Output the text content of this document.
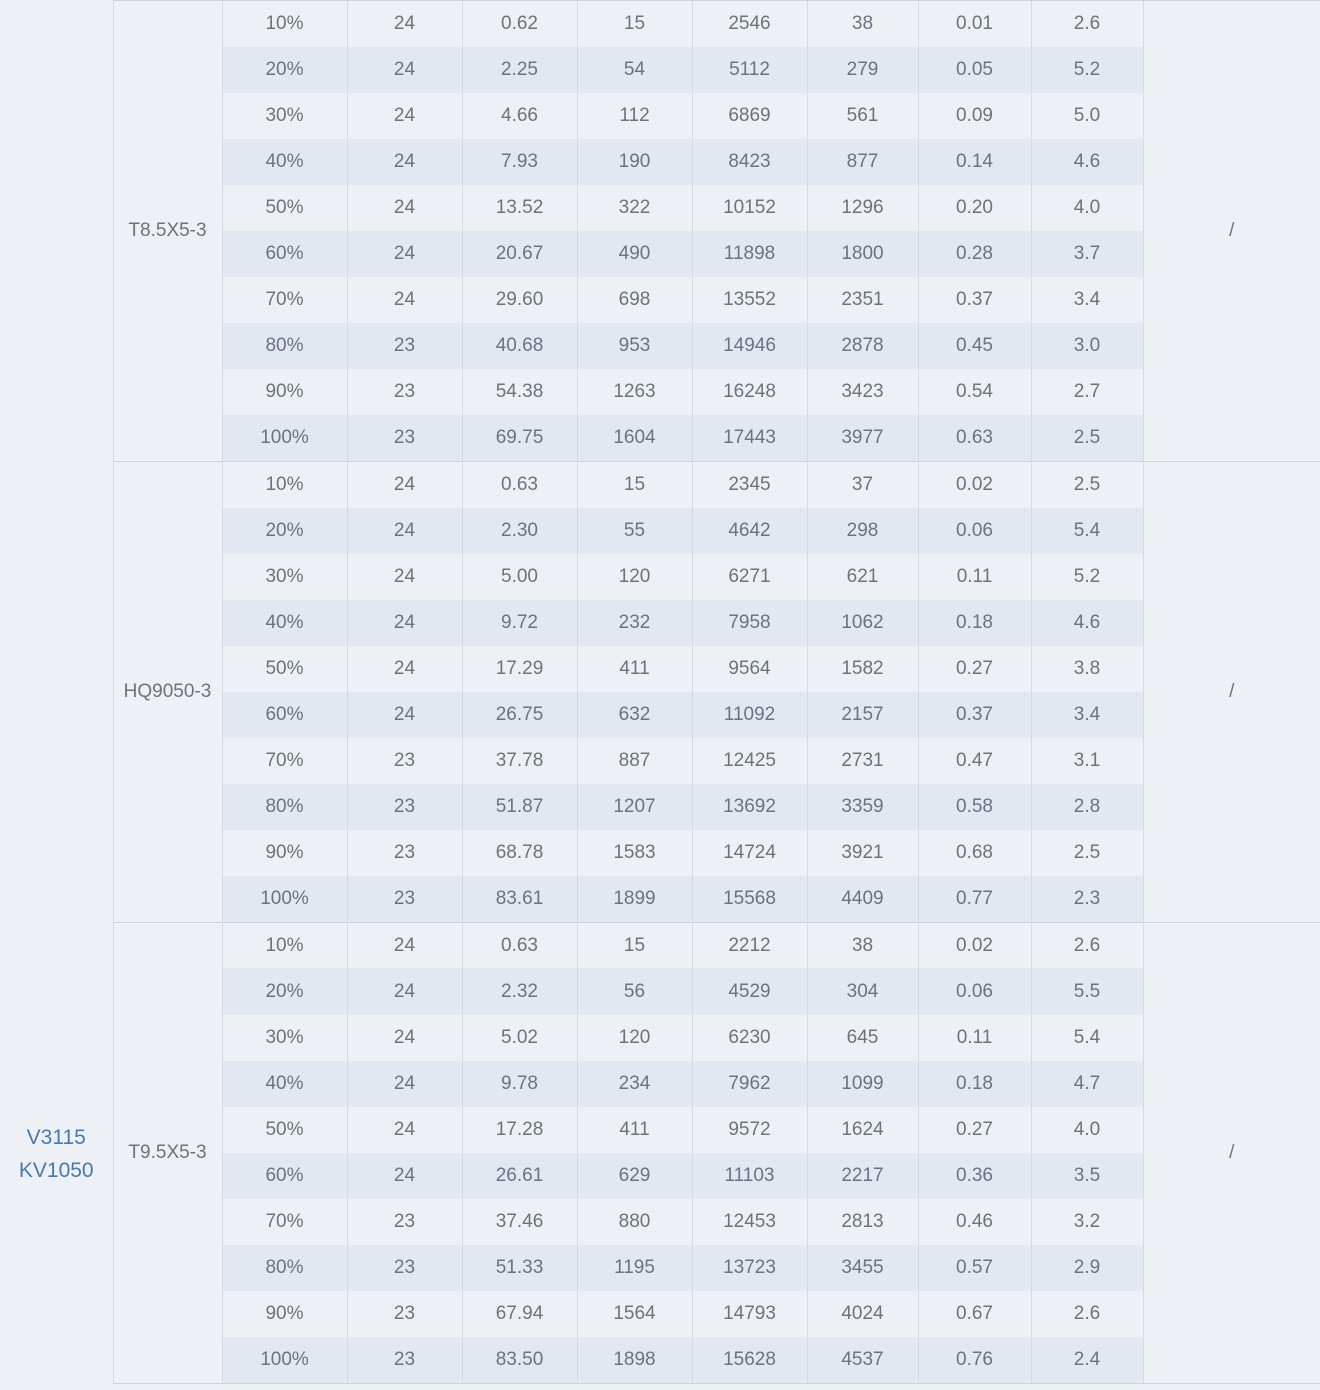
V3115
KV1050	T8.5X5-3	10%	24	0.62	15	2546	38	0.01	2.6	/
		20%	24	2.25	54	5112	279	0.05	5.2	
		30%	24	4.66	112	6869	561	0.09	5.0	
		40%	24	7.93	190	8423	877	0.14	4.6	
		50%	24	13.52	322	10152	1296	0.20	4.0	
		60%	24	20.67	490	11898	1800	0.28	3.7	
		70%	24	29.60	698	13552	2351	0.37	3.4	
		80%	23	40.68	953	14946	2878	0.45	3.0	
		90%	23	54.38	1263	16248	3423	0.54	2.7	
		100%	23	69.75	1604	17443	3977	0.63	2.5	
	HQ9050-3	10%	24	0.63	15	2345	37	0.02	2.5	/
		20%	24	2.30	55	4642	298	0.06	5.4	
		30%	24	5.00	120	6271	621	0.11	5.2	
		40%	24	9.72	232	7958	1062	0.18	4.6	
		50%	24	17.29	411	9564	1582	0.27	3.8	
		60%	24	26.75	632	11092	2157	0.37	3.4	
		70%	23	37.78	887	12425	2731	0.47	3.1	
		80%	23	51.87	1207	13692	3359	0.58	2.8	
		90%	23	68.78	1583	14724	3921	0.68	2.5	
		100%	23	83.61	1899	15568	4409	0.77	2.3	
	T9.5X5-3	10%	24	0.63	15	2212	38	0.02	2.6	/
		20%	24	2.32	56	4529	304	0.06	5.5	
		30%	24	5.02	120	6230	645	0.11	5.4	
		40%	24	9.78	234	7962	1099	0.18	4.7	
		50%	24	17.28	411	9572	1624	0.27	4.0	
		60%	24	26.61	629	11103	2217	0.36	3.5	
		70%	23	37.46	880	12453	2813	0.46	3.2	
		80%	23	51.33	1195	13723	3455	0.57	2.9	
		90%	23	67.94	1564	14793	4024	0.67	2.6	
		100%	23	83.50	1898	15628	4537	0.76	2.4	
